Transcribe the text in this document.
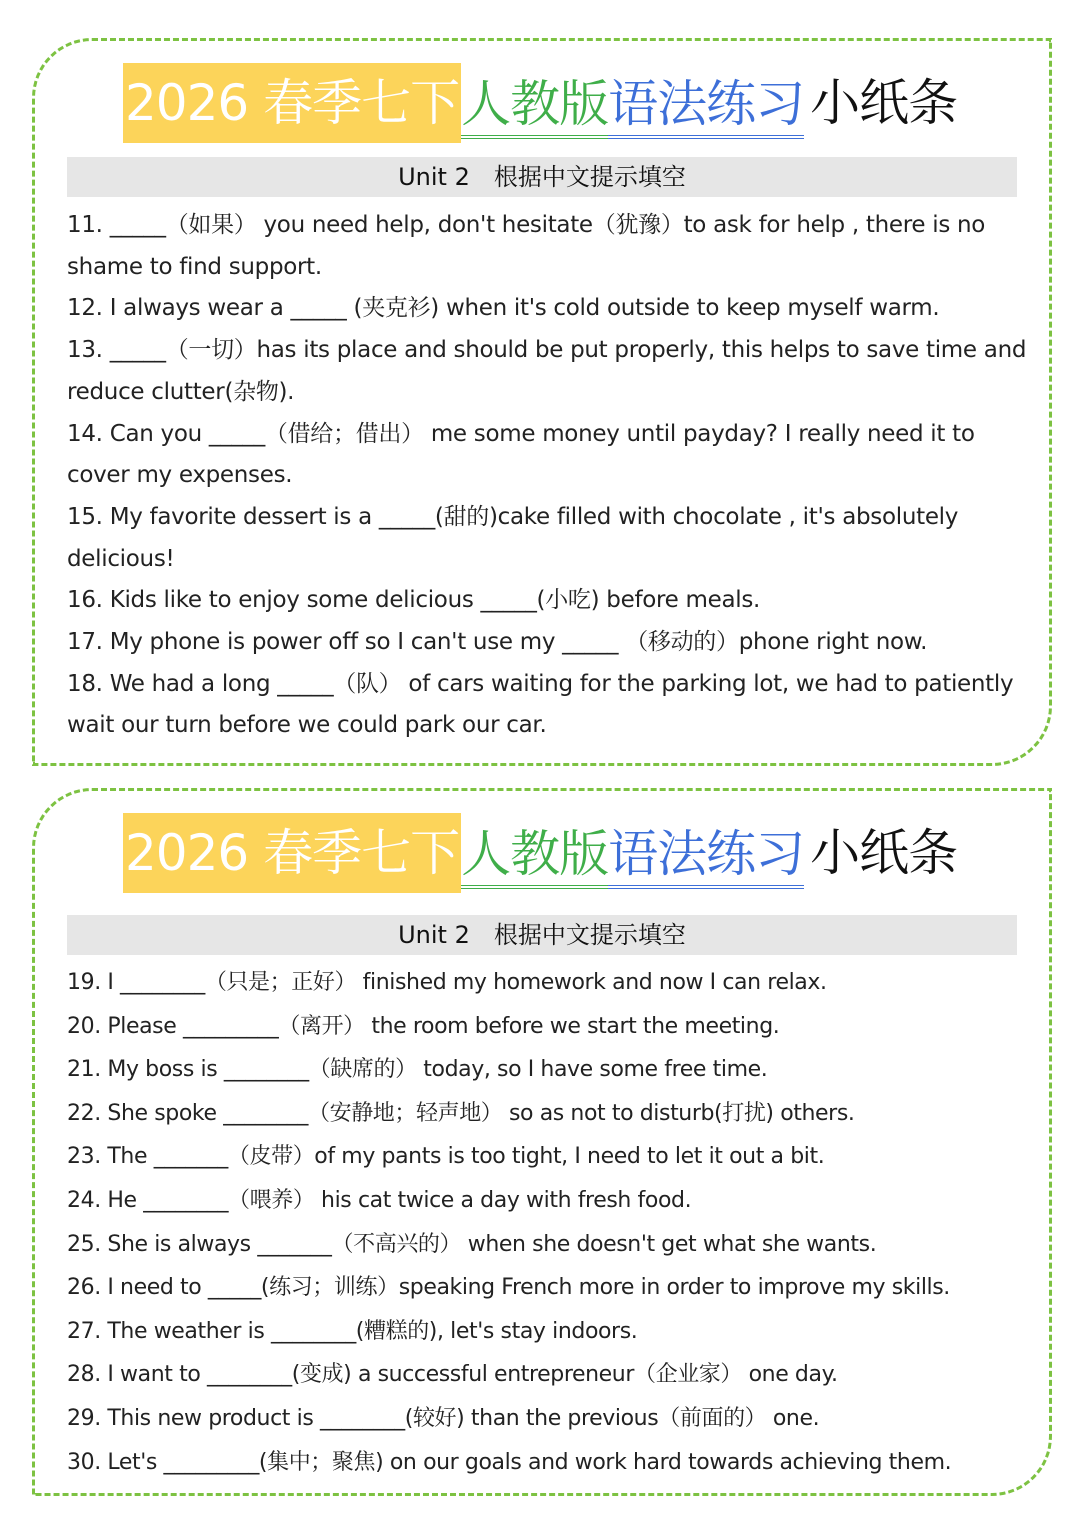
2026 春季七下 人教版 语法练习 小纸条
Unit 2　根据中文提示填空

11. _____（如果） you need help, don't hesitate（犹豫）to ask for help , there is no shame to find support.

12. I always wear a _____ (夹克衫) when it's cold outside to keep myself warm.

13. _____（一切）has its place and should be put properly, this helps to save time and reduce clutter(杂物).

14. Can you _____（借给；借出） me some money until payday? I really need it to cover my expenses.

15. My favorite dessert is a _____(甜的)cake filled with chocolate , it's absolutely delicious!

16. Kids like to enjoy some delicious _____(小吃) before meals.

17. My phone is power off so I can't use my _____ （移动的）phone right now.

18. We had a long _____（队） of cars waiting for the parking lot, we had to patiently wait our turn before we could park our car.

2026 春季七下 人教版 语法练习 小纸条
Unit 2　根据中文提示填空

19. I ________（只是；正好） finished my homework and now I can relax.

20. Please _________（离开） the room before we start the meeting.

21. My boss is ________（缺席的） today, so I have some free time.

22. She spoke ________（安静地；轻声地） so as not to disturb(打扰) others.

23. The _______（皮带）of my pants is too tight, I need to let it out a bit.

24. He ________（喂养） his cat twice a day with fresh food.

25. She is always _______（不高兴的） when she doesn't get what she wants.

26. I need to _____(练习；训练）speaking French more in order to improve my skills.

27. The weather is ________(糟糕的), let's stay indoors.

28. I want to ________(变成) a successful entrepreneur（企业家） one day.

29. This new product is ________(较好) than the previous（前面的） one.

30. Let's _________(集中；聚焦) on our goals and work hard towards achieving them.
